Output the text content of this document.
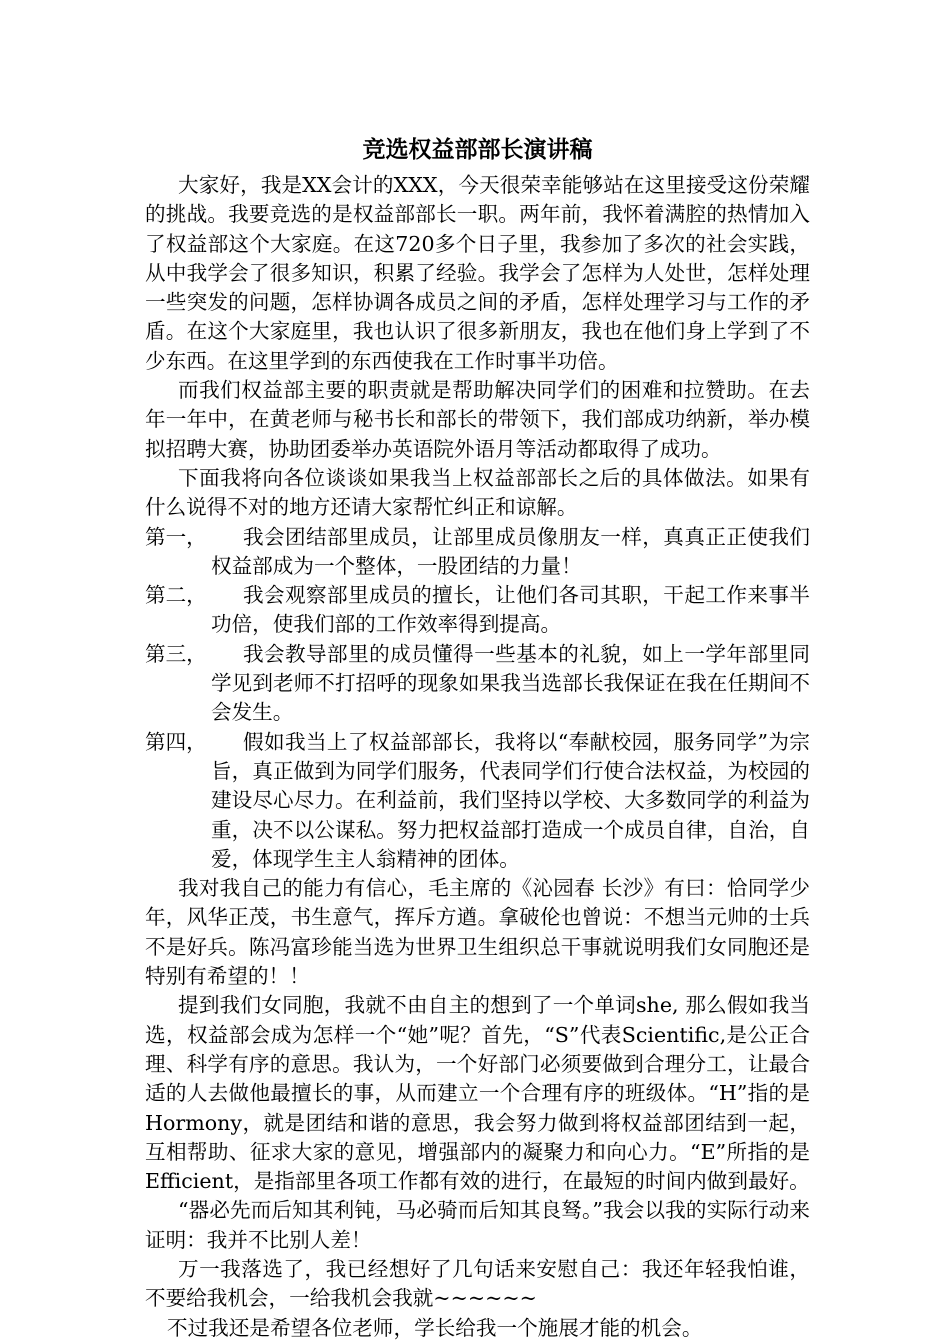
竞选权益部部长演讲稿

大家好，我是XX会计的XXX，今天很荣幸能够站在这里接受这份荣耀的挑战。我要竞选的是权益部部长一职。两年前，我怀着满腔的热情加入了权益部这个大家庭。在这720多个日子里，我参加了多次的社会实践，从中我学会了很多知识，积累了经验。我学会了怎样为人处世，怎样处理一些突发的问题，怎样协调各成员之间的矛盾，怎样处理学习与工作的矛盾。在这个大家庭里，我也认识了很多新朋友，我也在他们身上学到了不少东西。在这里学到的东西使我在工作时事半功倍。

而我们权益部主要的职责就是帮助解决同学们的困难和拉赞助。在去年一年中，在黄老师与秘书长和部长的带领下，我们部成功纳新，举办模拟招聘大赛，协助团委举办英语院外语月等活动都取得了成功。

下面我将向各位谈谈如果我当上权益部部长之后的具体做法。如果有什么说得不对的地方还请大家帮忙纠正和谅解。

第一，	我会团结部里成员，让部里成员像朋友一样，真真正正使我们权益部成为一个整体，一股团结的力量！
第二，	我会观察部里成员的擅长，让他们各司其职，干起工作来事半功倍，使我们部的工作效率得到提高。
第三，	我会教导部里的成员懂得一些基本的礼貌，如上一学年部里同学见到老师不打招呼的现象如果我当选部长我保证在我在任期间不会发生。
第四，	假如我当上了权益部部长，我将以“奉献校园，服务同学”为宗旨，真正做到为同学们服务，代表同学们行使合法权益，为校园的建设尽心尽力。在利益前，我们坚持以学校、大多数同学的利益为重，决不以公谋私。努力把权益部打造成一个成员自律，自治，自爱，体现学生主人翁精神的团体。

我对我自己的能力有信心，毛主席的《沁园春 长沙》有曰：恰同学少年，风华正茂，书生意气，挥斥方遒。拿破伦也曾说：不想当元帅的士兵不是好兵。陈冯富珍能当选为世界卫生组织总干事就说明我们女同胞还是特别有希望的！！

提到我们女同胞，我就不由自主的想到了一个单词she, 那么假如我当选，权益部会成为怎样一个“她”呢？首先，“S”代表Scientific,是公正合理、科学有序的意思。我认为，一个好部门必须要做到合理分工，让最合适的人去做他最擅长的事，从而建立一个合理有序的班级体。“H”指的是Hormony，就是团结和谐的意思，我会努力做到将权益部团结到一起，互相帮助、征求大家的意见，增强部内的凝聚力和向心力。“E”所指的是Efficient，是指部里各项工作都有效的进行，在最短的时间内做到最好。

“器必先而后知其利钝，马必骑而后知其良驽。”我会以我的实际行动来证明：我并不比别人差！

万一我落选了，我已经想好了几句话来安慰自己：我还年轻我怕谁，不要给我机会，一给我机会我就~~~~~~

不过我还是希望各位老师，学长给我一个施展才能的机会。
